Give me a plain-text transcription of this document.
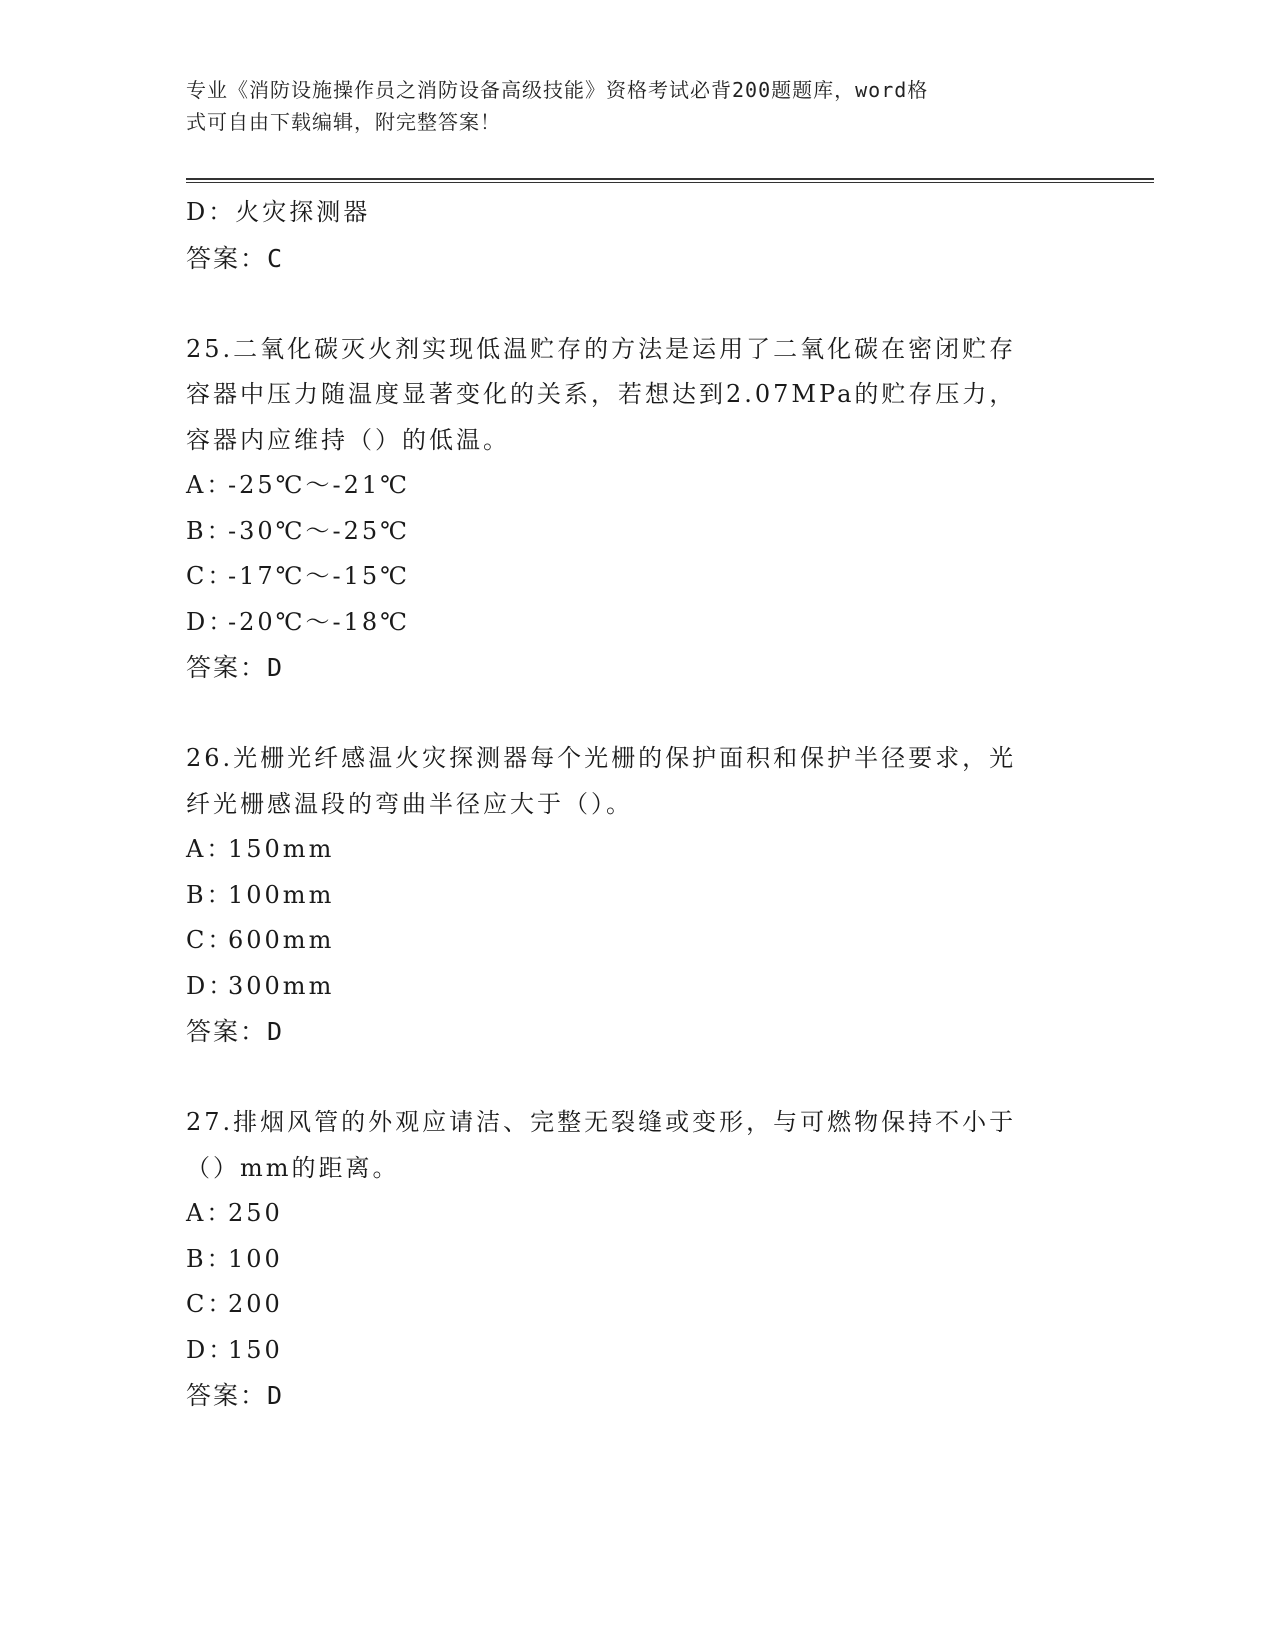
专业《消防设施操作员之消防设备高级技能》资格考试必背200题题库，word格
式可自由下载编辑，附完整答案！
D：火灾探测器
答案：C
25.二氧化碳灭火剂实现低温贮存的方法是运用了二氧化碳在密闭贮存
容器中压力随温度显著变化的关系，若想达到2.07MPa的贮存压力，
容器内应维持（）的低温。
A：-25℃～-21℃
B：-30℃～-25℃
C：-17℃～-15℃
D：-20℃～-18℃
答案：D
26.光栅光纤感温火灾探测器每个光栅的保护面积和保护半径要求，光
纤光栅感温段的弯曲半径应大于（）。
A：150mm
B：100mm
C：600mm
D：300mm
答案：D
27.排烟风管的外观应请洁、完整无裂缝或变形，与可燃物保持不小于
（）mm的距离。
A：250
B：100
C：200
D：150
答案：D
